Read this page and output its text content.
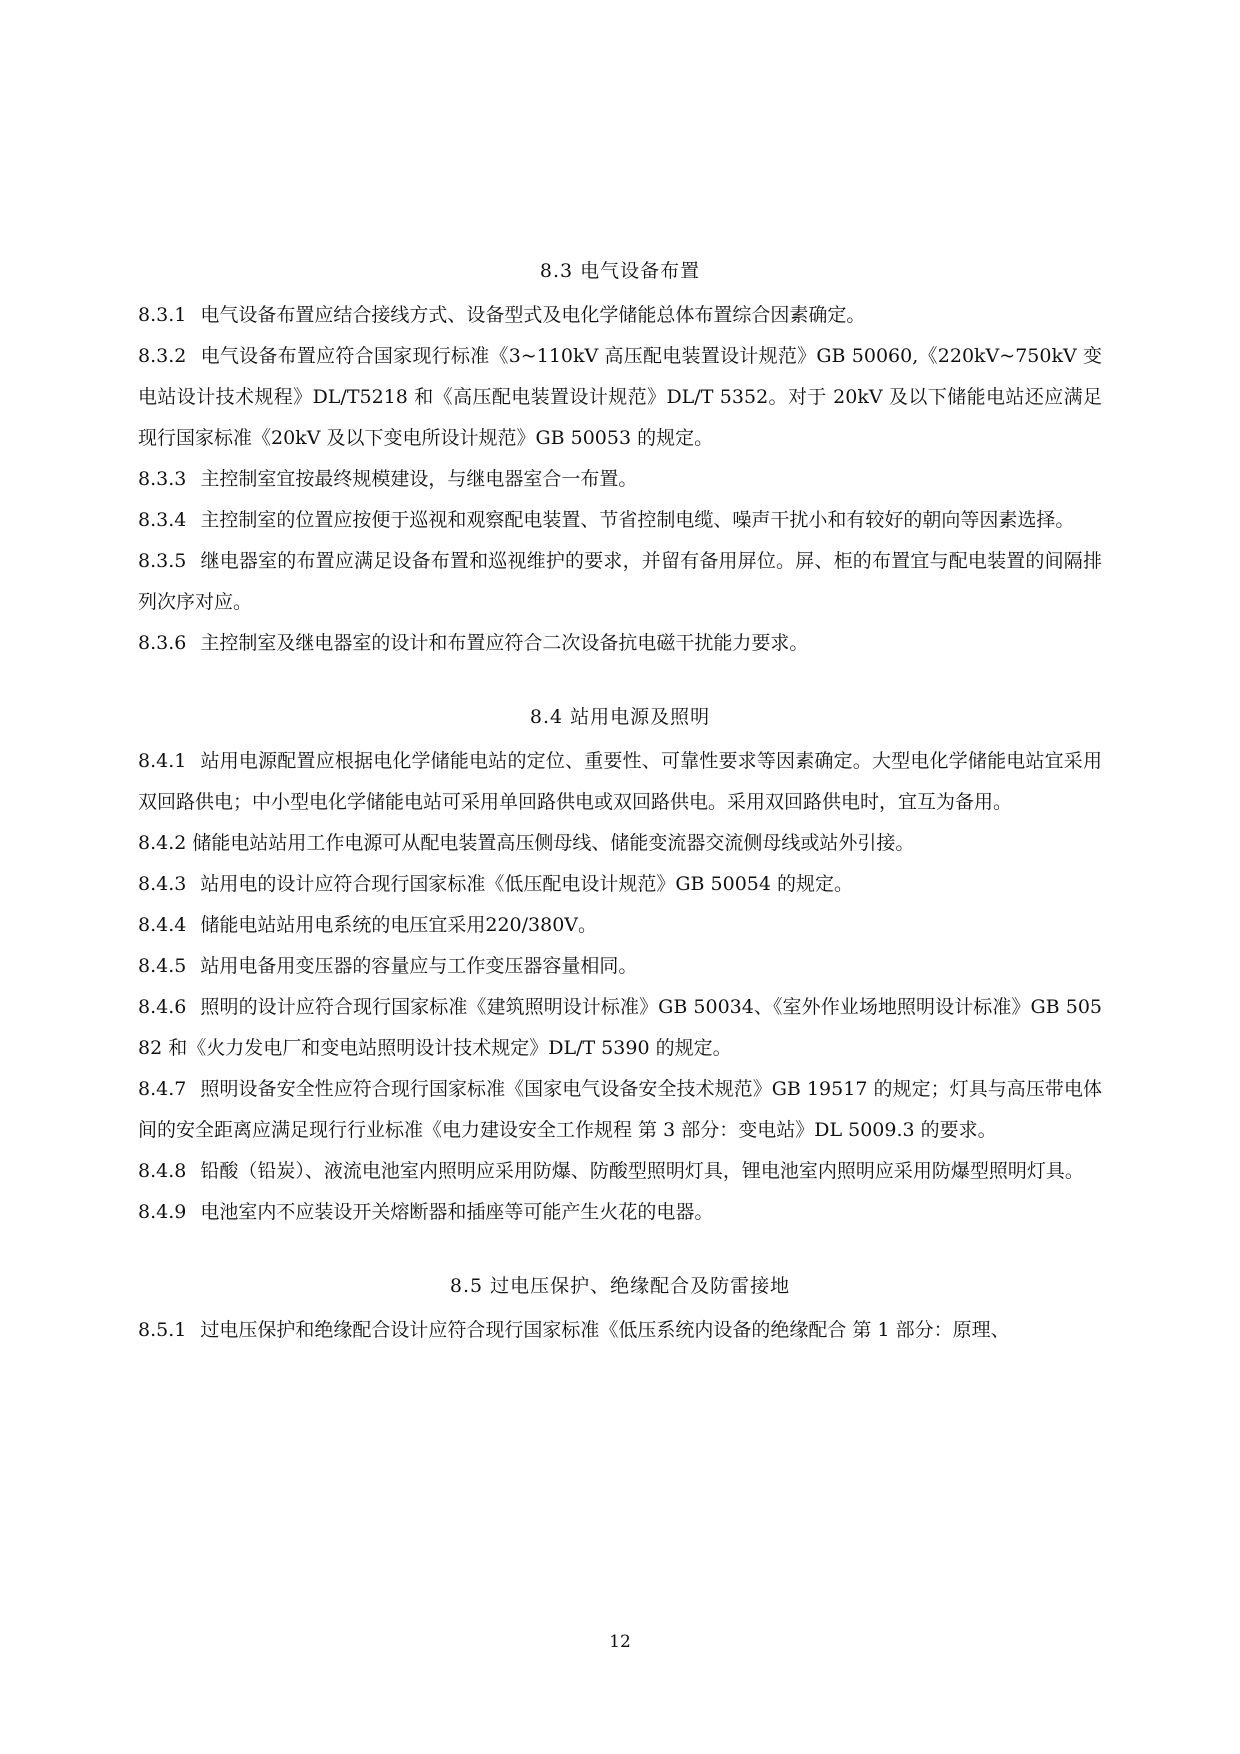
8.3 电气设备布置

8.3.1 电气设备布置应结合接线方式、设备型式及电化学储能总体布置综合因素确定。

8.3.2 电气设备布置应符合国家现行标准《3~110kV 高压配电装置设计规范》GB 50060,《220kV~750kV 变电站设计技术规程》DL/T5218 和《高压配电装置设计规范》DL/T 5352。对于 20kV 及以下储能电站还应满足现行国家标准《20kV 及以下变电所设计规范》GB 50053 的规定。

8.3.3 主控制室宜按最终规模建设，与继电器室合一布置。

8.3.4 主控制室的位置应按便于巡视和观察配电装置、节省控制电缆、噪声干扰小和有较好的朝向等因素选择。

8.3.5 继电器室的布置应满足设备布置和巡视维护的要求，并留有备用屏位。屏、柜的布置宜与配电装置的间隔排列次序对应。

8.3.6 主控制室及继电器室的设计和布置应符合二次设备抗电磁干扰能力要求。

8.4 站用电源及照明

8.4.1 站用电源配置应根据电化学储能电站的定位、重要性、可靠性要求等因素确定。大型电化学储能电站宜采用双回路供电；中小型电化学储能电站可采用单回路供电或双回路供电。采用双回路供电时，宜互为备用。

8.4.2 储能电站站用工作电源可从配电装置高压侧母线、储能变流器交流侧母线或站外引接。

8.4.3 站用电的设计应符合现行国家标准《低压配电设计规范》GB 50054 的规定。

8.4.4 储能电站站用电系统的电压宜采用220/380V。

8.4.5 站用电备用变压器的容量应与工作变压器容量相同。

8.4.6 照明的设计应符合现行国家标准《建筑照明设计标准》GB 50034、《室外作业场地照明设计标准》GB 50582 和《火力发电厂和变电站照明设计技术规定》DL/T 5390 的规定。

8.4.7 照明设备安全性应符合现行国家标准《国家电气设备安全技术规范》GB 19517 的规定；灯具与高压带电体间的安全距离应满足现行行业标准《电力建设安全工作规程 第 3 部分：变电站》DL 5009.3 的要求。

8.4.8 铅酸（铅炭）、液流电池室内照明应采用防爆、防酸型照明灯具，锂电池室内照明应采用防爆型照明灯具。

8.4.9 电池室内不应装设开关熔断器和插座等可能产生火花的电器。

8.5 过电压保护、绝缘配合及防雷接地

8.5.1 过电压保护和绝缘配合设计应符合现行国家标准《低压系统内设备的绝缘配合 第 1 部分：原理、

12
